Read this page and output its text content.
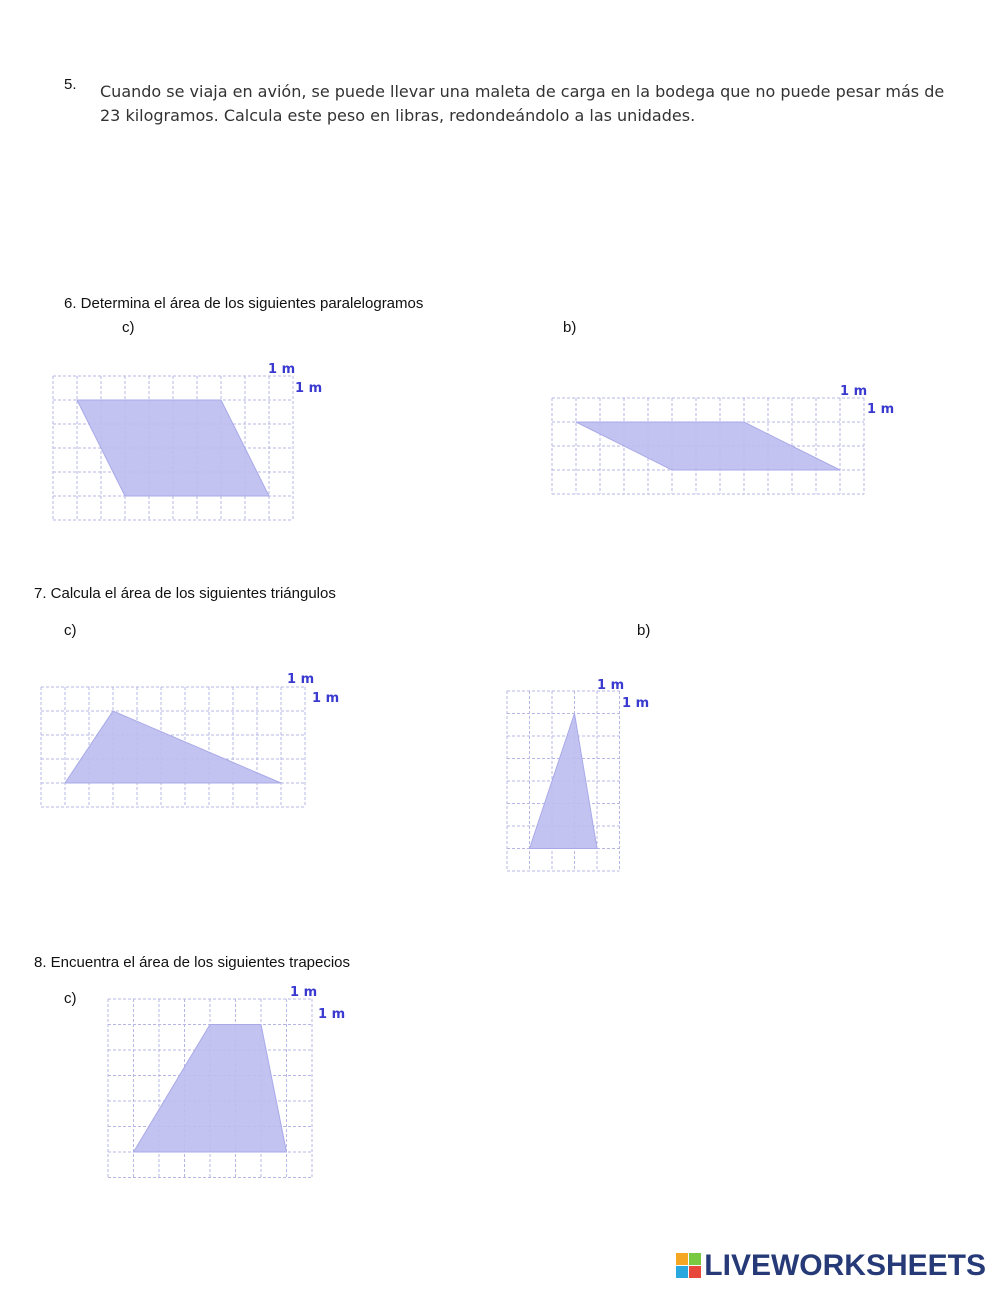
5. Cuando se viaja en avión, se puede llevar una maleta de carga en la bodega que no puede pesar más de
23 kilogramos. Calcula este peso en libras, redondeándolo a las unidades.
6. Determina el área de los siguientes paralelogramos
c)	b)
1 m
1 m	1 m
1 m
7. Calcula el área de los siguientes triángulos
c)	b)
1 m
1 m
1 m
1 m
8. Encuentra el área de los siguientes trapecios
c)	1 m
1 m
LIVEWORKSHEETS
